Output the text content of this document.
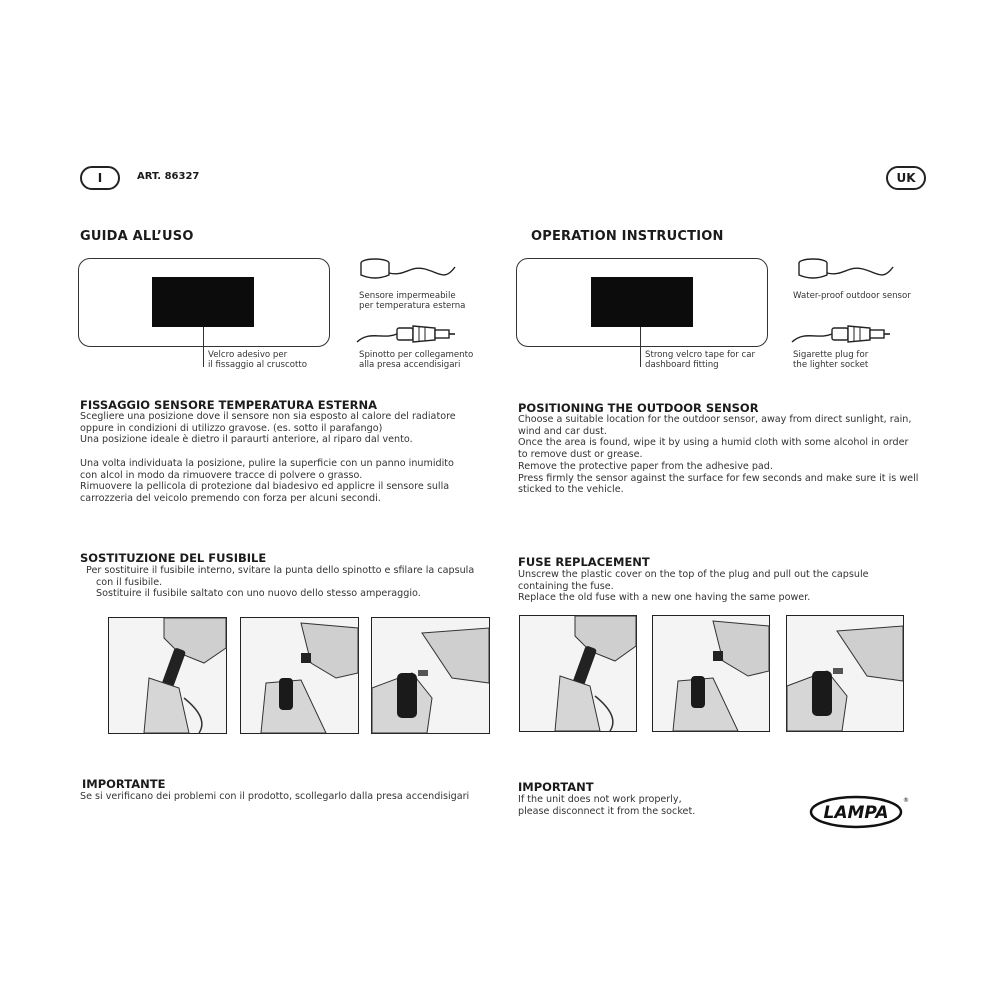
I	ART. 86327	UK
GUIDA ALL’USO
Velcro adesivo per
il fissaggio al cruscotto
Sensore impermeabile
per temperatura esterna
Spinotto per collegamento
alla presa accendisigari
FISSAGGIO SENSORE TEMPERATURA ESTERNA
Scegliere una posizione dove il sensore non sia esposto al calore del radiatore
oppure in condizioni di utilizzo gravose. (es. sotto il parafango)
Una posizione ideale è dietro il paraurti anteriore, al riparo dal vento.
Una volta individuata la posizione, pulire la superficie con un panno inumidito
con alcol in modo da rimuovere tracce di polvere o grasso.
Rimuovere la pellicola di protezione dal biadesivo ed applicre il sensore sulla
carrozzeria del veicolo premendo con forza per alcuni secondi.
SOSTITUZIONE DEL FUSIBILE
Per sostituire il fusibile interno, svitare la punta dello spinotto e sfilare la capsula
con il fusibile.
Sostituire il fusibile saltato con uno nuovo dello stesso amperaggio.
IMPORTANTE
Se si verificano dei problemi con il prodotto, scollegarlo dalla presa accendisigari
OPERATION INSTRUCTION
Strong velcro tape for car
dashboard fitting
Water-proof outdoor sensor
Sigarette plug for
the lighter socket
POSITIONING THE OUTDOOR SENSOR
Choose a suitable location for the outdoor sensor, away from direct sunlight, rain,
wind and car dust.
Once the area is found, wipe it by using a humid cloth with some alcohol in order
to remove dust or grease.
Remove the protective paper from the adhesive pad.
Press firmly the sensor against the surface for few seconds and make sure it is well
sticked to the vehicle.
FUSE REPLACEMENT
Unscrew the plastic cover on the top of the plug and pull out the capsule
containing the fuse.
Replace the old fuse with a new one having the same power.
IMPORTANT
If the unit does not work properly,
please disconnect it from the socket.	LAMPA
®
